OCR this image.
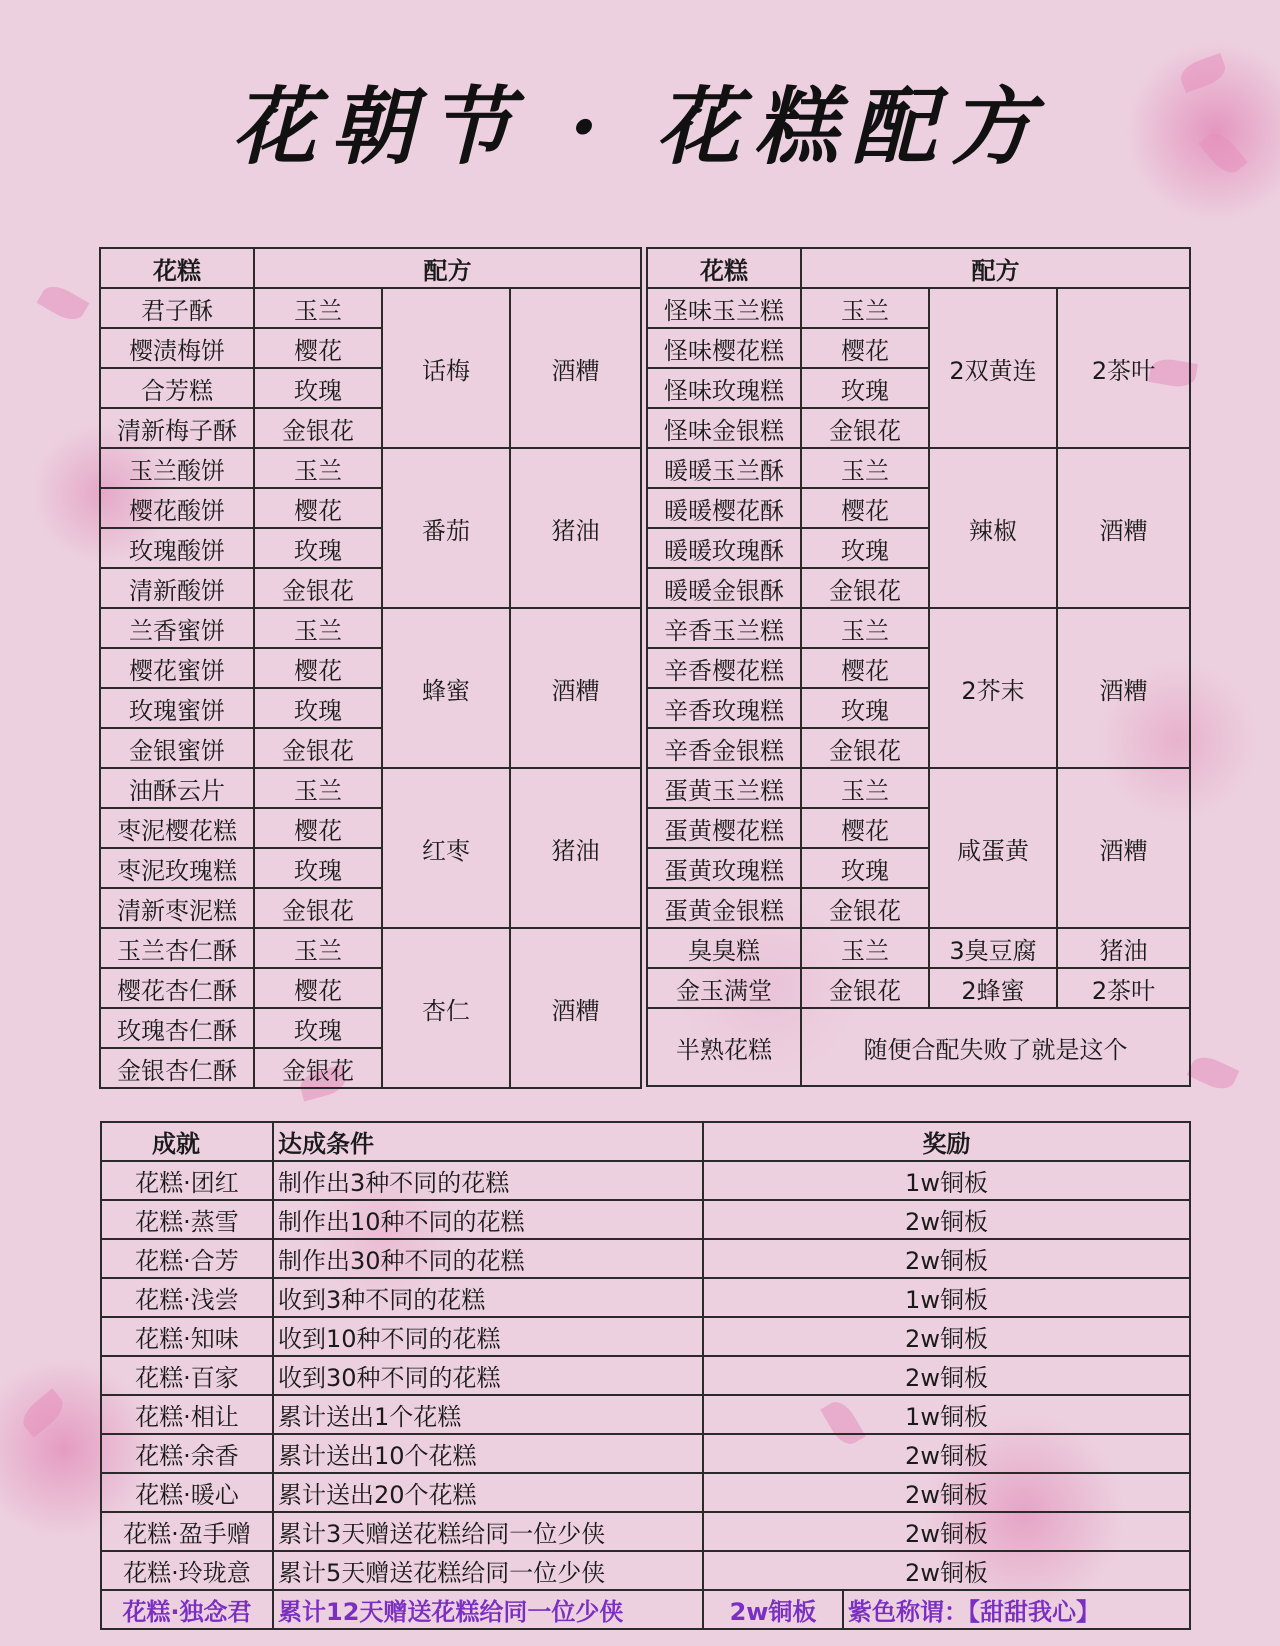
花朝节 · 花糕配方
花糕	配方		
君子酥	玉兰	话梅	酒糟
樱渍梅饼	樱花		
合芳糕	玫瑰		
清新梅子酥	金银花		
玉兰酸饼	玉兰	番茄	猪油
樱花酸饼	樱花		
玫瑰酸饼	玫瑰		
清新酸饼	金银花		
兰香蜜饼	玉兰	蜂蜜	酒糟
樱花蜜饼	樱花		
玫瑰蜜饼	玫瑰		
金银蜜饼	金银花		
油酥云片	玉兰	红枣	猪油
枣泥樱花糕	樱花		
枣泥玫瑰糕	玫瑰		
清新枣泥糕	金银花		
玉兰杏仁酥	玉兰	杏仁	酒糟
樱花杏仁酥	樱花		
玫瑰杏仁酥	玫瑰		
金银杏仁酥	金银花		
花糕	配方		
怪味玉兰糕	玉兰	2双黄连	2茶叶
怪味樱花糕	樱花		
怪味玫瑰糕	玫瑰		
怪味金银糕	金银花		
暖暖玉兰酥	玉兰	辣椒	酒糟
暖暖樱花酥	樱花		
暖暖玫瑰酥	玫瑰		
暖暖金银酥	金银花		
辛香玉兰糕	玉兰	2芥末	酒糟
辛香樱花糕	樱花		
辛香玫瑰糕	玫瑰		
辛香金银糕	金银花		
蛋黄玉兰糕	玉兰	咸蛋黄	酒糟
蛋黄樱花糕	樱花		
蛋黄玫瑰糕	玫瑰		
蛋黄金银糕	金银花		
臭臭糕	玉兰	3臭豆腐	猪油
金玉满堂	金银花	2蜂蜜	2茶叶
半熟花糕	随便合配失败了就是这个		
成就	达成条件	奖励	
花糕·团红	制作出3种不同的花糕	1w铜板	
花糕·蒸雪	制作出10种不同的花糕	2w铜板	
花糕·合芳	制作出30种不同的花糕	2w铜板	
花糕·浅尝	收到3种不同的花糕	1w铜板	
花糕·知味	收到10种不同的花糕	2w铜板	
花糕·百家	收到30种不同的花糕	2w铜板	
花糕·相让	累计送出1个花糕	1w铜板	
花糕·余香	累计送出10个花糕	2w铜板	
花糕·暖心	累计送出20个花糕	2w铜板	
花糕·盈手赠	累计3天赠送花糕给同一位少侠	2w铜板	
花糕·玲珑意	累计5天赠送花糕给同一位少侠	2w铜板	
花糕·独念君	累计12天赠送花糕给同一位少侠	2w铜板	紫色称谓：【甜甜我心】
